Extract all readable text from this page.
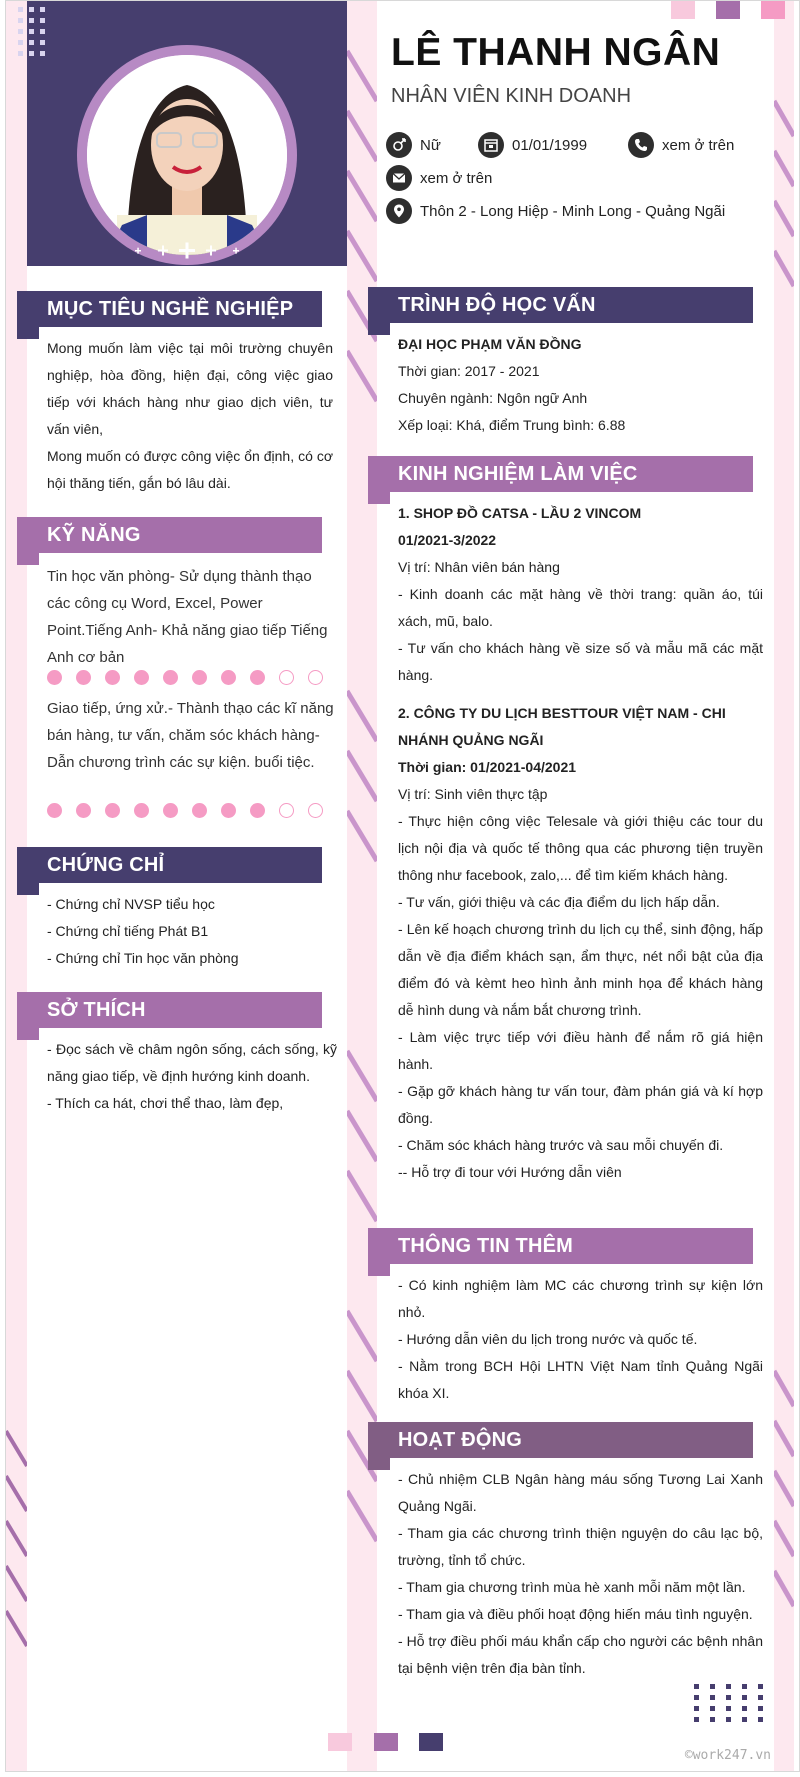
LÊ THANH NGÂN
NHÂN VIÊN KINH DOANH
Nữ	01/01/1999	xem ở trên
xem ở trên
Thôn 2 - Long Hiệp - Minh Long - Quảng Ngãi
MỤC TIÊU NGHỀ NGHIỆP
Mong muốn làm việc tại môi trường chuyên nghiệp, hòa đồng, hiện đại, công việc giao tiếp với khách hàng như giao dịch viên, tư vấn viên,
Mong muốn có được công việc ổn định, có cơ hội thăng tiến, gắn bó lâu dài.
KỸ NĂNG
Tin học văn phòng- Sử dụng thành thạo các công cụ Word, Excel, Power Point.Tiếng Anh- Khả năng giao tiếp Tiếng Anh cơ bản
Giao tiếp, ứng xử.- Thành thạo các kĩ năng bán hàng, tư vấn, chăm sóc khách hàng- Dẫn chương trình các sự kiện. buổi tiệc.
CHỨNG CHỈ
- Chứng chỉ NVSP tiểu học
- Chứng chỉ tiếng Phát B1
- Chứng chỉ Tin học văn phòng
SỞ THÍCH
- Đọc sách về châm ngôn sống, cách sống, kỹ năng giao tiếp, về định hướng kinh doanh.
- Thích ca hát, chơi thể thao, làm đẹp,
TRÌNH ĐỘ HỌC VẤN
ĐẠI HỌC PHẠM VĂN ĐỒNG
Thời gian: 2017 - 2021
Chuyên ngành: Ngôn ngữ Anh
Xếp loại: Khá, điểm Trung bình: 6.88
KINH NGHIỆM LÀM VIỆC
1. SHOP ĐỒ CATSA - LẦU 2 VINCOM
01/2021-3/2022
Vị trí: Nhân viên bán hàng
- Kinh doanh các mặt hàng về thời trang: quần áo, túi xách, mũ, balo.
- Tư vấn cho khách hàng về size số và mẫu mã các mặt hàng.
2. CÔNG TY DU LỊCH BESTTOUR VIỆT NAM - CHI NHÁNH QUẢNG NGÃI
Thời gian: 01/2021-04/2021
Vị trí: Sinh viên thực tập
- Thực hiện công việc Telesale và giới thiệu các tour du lịch nội địa và quốc tế thông qua các phương tiện truyền thông như facebook, zalo,... để tìm kiếm khách hàng.
- Tư vấn, giới thiệu và các địa điểm du lịch hấp dẫn.
- Lên kế hoạch chương trình du lịch cụ thể, sinh động, hấp dẫn về địa điểm khách sạn, ẩm thực, nét nổi bật của địa điểm đó và kèmt heo hình ảnh minh họa để khách hàng dễ hình dung và nắm bắt chương trình.
- Làm việc trực tiếp với điều hành để nắm rõ giá hiện hành.
- Gặp gỡ khách hàng tư vấn tour, đàm phán giá và kí hợp đồng.
- Chăm sóc khách hàng trước và sau mỗi chuyến đi.
-- Hỗ trợ đi tour với Hướng dẫn viên
THÔNG TIN THÊM
- Có kinh nghiệm làm MC các chương trình sự kiện lớn nhỏ.
- Hướng dẫn viên du lịch trong nước và quốc tế.
- Nằm trong BCH Hội LHTN Việt Nam tỉnh Quảng Ngãi khóa XI.
HOẠT ĐỘNG
- Chủ nhiệm CLB Ngân hàng máu sống Tương Lai Xanh Quảng Ngãi.
- Tham gia các chương trình thiện nguyện do câu lạc bộ, trường, tỉnh tổ chức.
- Tham gia chương trình mùa hè xanh mỗi năm một lần.
- Tham gia và điều phối hoạt động hiến máu tình nguyện.
- Hỗ trợ điều phối máu khẩn cấp cho người các bệnh nhân tại bệnh viện trên địa bàn tỉnh.
©work247.vn
